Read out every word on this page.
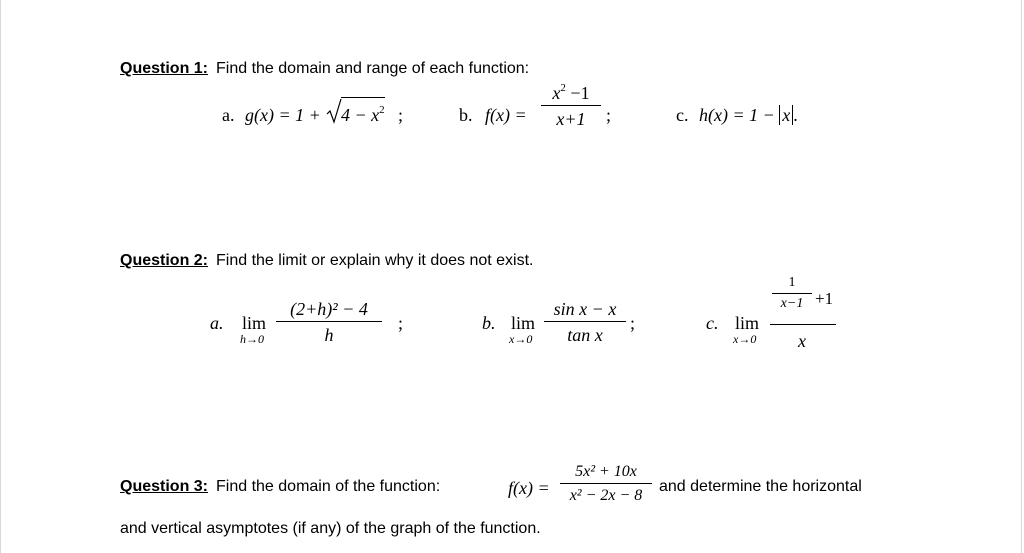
Question 1: Find the domain and range of each function:
a. $g(x) = 1 + 4 - x^2$ ;	b. f(x) =
$x^2 -1$
x+1	;	c. h(x) = 1 − x .
Question 2: Find the limit or explain why it does not exist.
a. lim
h→0
(2+h)² − 4
h
;	b. lim
x→0
sin x − x
tan x
;	c. lim
x→0
1
x−1 +1
x
Question 3: Find the domain of the function:	f(x) =
5x² + 10x
x² − 2x − 8
and determine the horizontal
and vertical asymptotes (if any) of the graph of the function.
